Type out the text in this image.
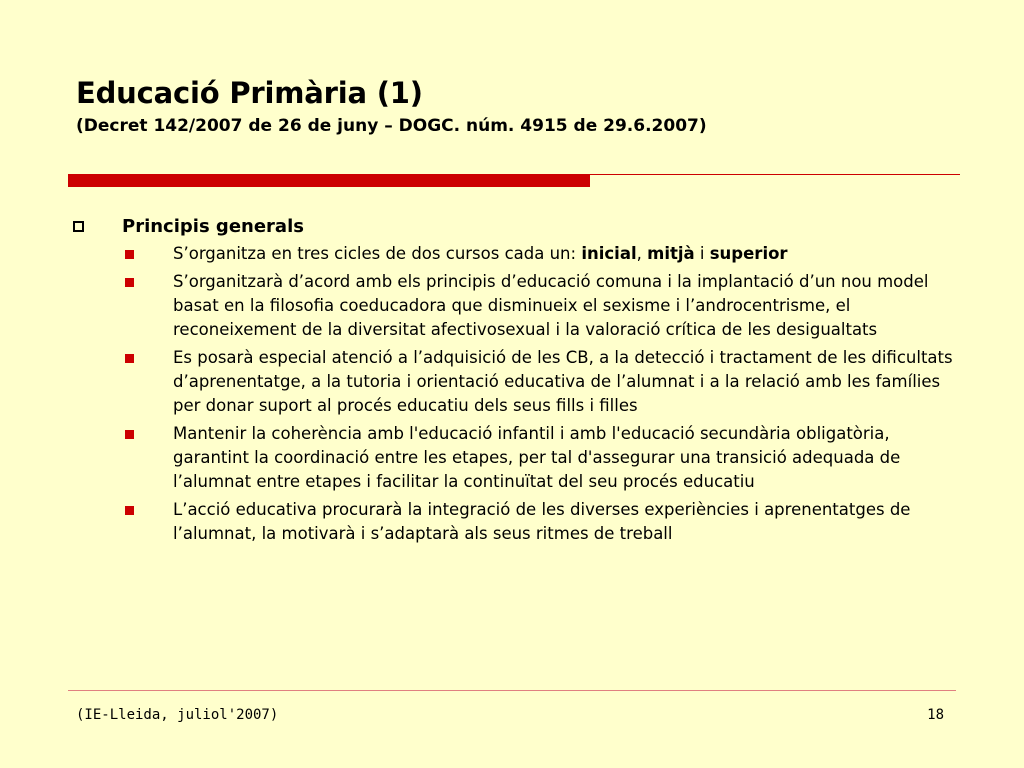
Educació Primària (1)
(Decret 142/2007 de 26 de juny – DOGC. núm. 4915 de 29.6.2007)
Principis generals
S’organitza en tres cicles de dos cursos cada un: inicial, mitjà i superior
S’organitzarà d’acord amb els principis d’educació comuna i la implantació d’un nou model basat en la filosofia coeducadora que disminueix el sexisme i l’androcentrisme, el reconeixement de la diversitat afectivosexual i la valoració crítica de les desigualtats
Es posarà especial atenció a l’adquisició de les CB, a la detecció i tractament de les dificultats d’aprenentatge, a la tutoria i orientació educativa de l’alumnat i a la relació amb les famílies per donar suport al procés educatiu dels seus fills i filles
Mantenir la coherència amb l'educació infantil i amb l'educació secundària obligatòria, garantint la coordinació entre les etapes, per tal d'assegurar una transició adequada de l’alumnat entre etapes i facilitar la continuïtat del seu procés educatiu
L’acció educativa procurarà la integració de les diverses experiències i aprenentatges de l’alumnat, la motivarà i s’adaptarà als seus ritmes de treball
(IE-Lleida, juliol'2007)	18
